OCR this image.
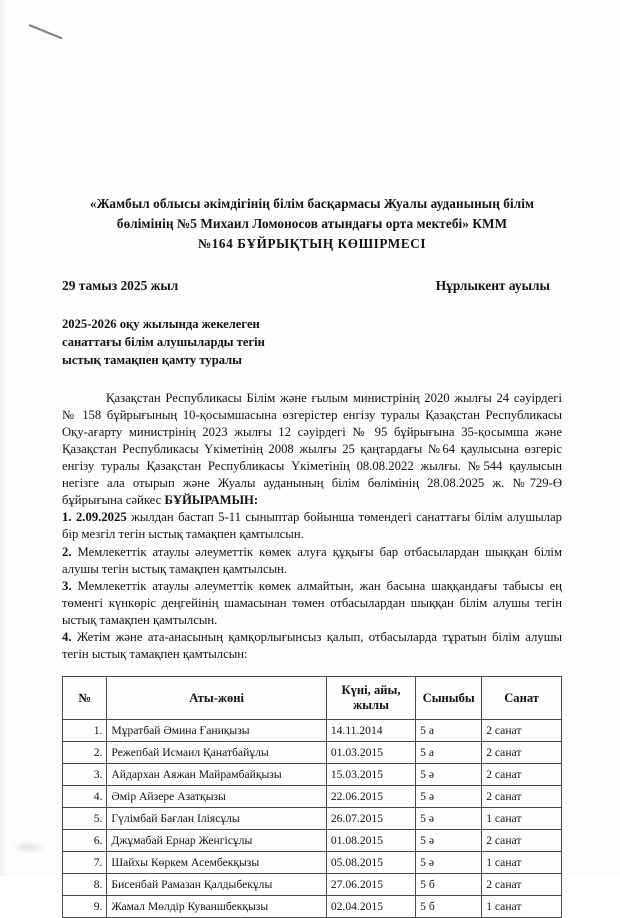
«Жамбыл облысы әкімдігінің білім басқармасы Жуалы ауданының білім
бөлімінің №5 Михаил Ломоносов атындағы орта мектебі» КММ
№164 БҰЙРЫҚТЫҢ КӨШІРМЕСІ
29 тамыз 2025 жыл	Нұрлыкент ауылы
2025-2026 оқу жылында жекелеген
санаттағы білім алушыларды тегін
ыстық тамақпен қамту туралы

Қазақстан Республикасы Білім және ғылым министрінің 2020 жылғы 24 сәуірдегі № 158 бұйрығының 10-қосымшасына өзгерістер енгізу туралы Қазақстан Республикасы Оқу-ағарту министрінің 2023 жылғы 12 сәуірдегі № 95 бұйрығына 35-қосымша және Қазақстан Республикасы Үкіметінің 2008 жылғы 25 қаңтардағы №64 қаулысына өзгеріс енгізу туралы Қазақстан Республикасы Үкіметінің 08.08.2022 жылғы. №544 қаулысын негізге ала отырып және Жуалы ауданының білім бөлімінің 28.08.2025 ж. №729-Ө бұйрығына сәйкес БҰЙЫРАМЫН:

1. 2.09.2025 жылдан бастап 5-11 сыныптар бойынша төмендегі санаттағы білім алушылар бір мезгіл тегін ыстық тамақпен қамтылсын.

2. Мемлекеттік атаулы әлеуметтік көмек алуға құқығы бар отбасылардан шыққан білім алушы тегін ыстық тамақпен қамтылсын.

3. Мемлекеттік атаулы әлеуметтік көмек алмайтын, жан басына шаққандағы табысы ең төменгі күнкөріс деңгейінің шамасынан төмен отбасылардан шыққан білім алушы тегін ыстық тамақпен қамтылсын.

4. Жетім және ата-анасының қамқорлығынсыз қалып, отбасыларда тұратын білім алушы тегін ыстық тамақпен қамтылсын:

№	Аты-жөні	Күні, айы, жылы	Сыныбы	Санат
1.	Мұратбай Әмина Ғаниқызы	14.11.2014	5 а	2 санат
2.	Режепбай Исмаил Қанатбайұлы	01.03.2015	5 а	2 санат
3.	Айдархан Аяжан Майрамбайқызы	15.03.2015	5 ә	2 санат
4.	Әмір Айзере Азатқызы	22.06.2015	5 ә	2 санат
5.	Гүлімбай Бағлан Іліясұлы	26.07.2015	5 ә	1 санат
6.	Джұмабай Ернар Женгісұлы	01.08.2015	5 ә	2 санат
7.	Шайхы Көркем Асембекқызы	05.08.2015	5 ә	1 санат
8.	Бисенбай Рамазан Қалдыбекұлы	27.06.2015	5 б	2 санат
9.	Жамал Мөлдір Куваншбекқызы	02.04.2015	5 б	1 санат
